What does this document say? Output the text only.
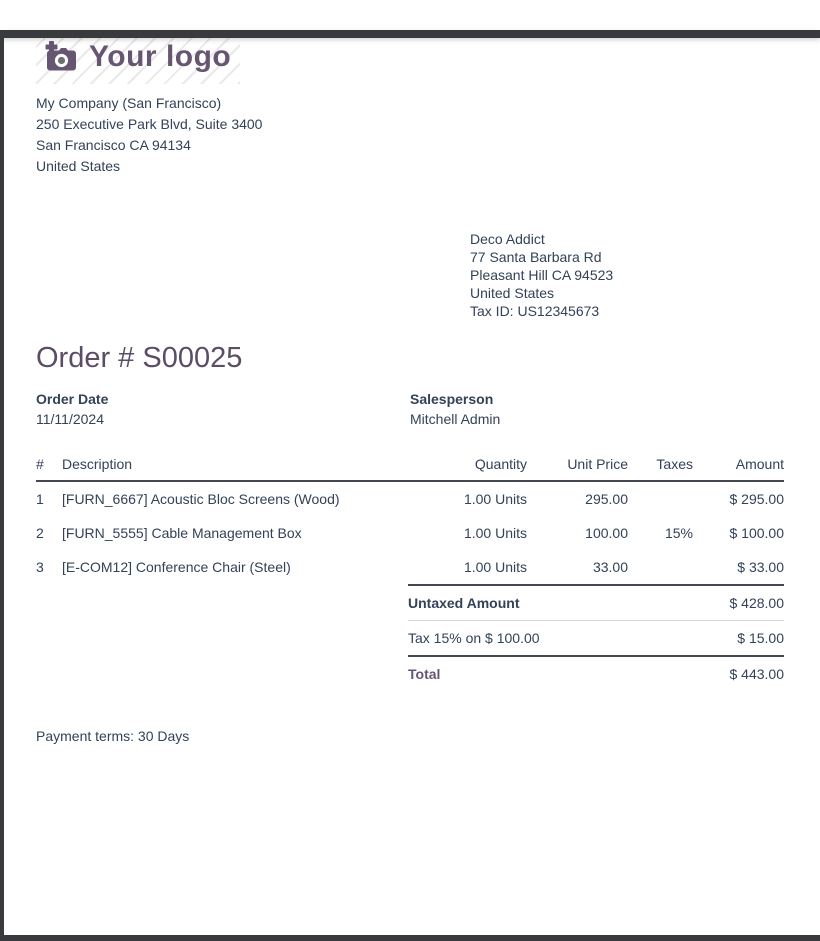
Your logo
My Company (San Francisco)
250 Executive Park Blvd, Suite 3400
San Francisco CA 94134
United States
Deco Addict
77 Santa Barbara Rd
Pleasant Hill CA 94523
United States
Tax ID: US12345673
Order # S00025
Order Date
11/11/2024
Salesperson
Mitchell Admin
#	Description	Quantity	Unit Price	Taxes	Amount
1	[FURN_6667] Acoustic Bloc Screens (Wood)	1.00 Units	295.00		$ 295.00
2	[FURN_5555] Cable Management Box	1.00 Units	100.00	15%	$ 100.00
3	[E-COM12] Conference Chair (Steel)	1.00 Units	33.00		$ 33.00
Untaxed Amount	$ 428.00
Tax 15% on $ 100.00	$ 15.00
Total	$ 443.00
Payment terms: 30 Days
